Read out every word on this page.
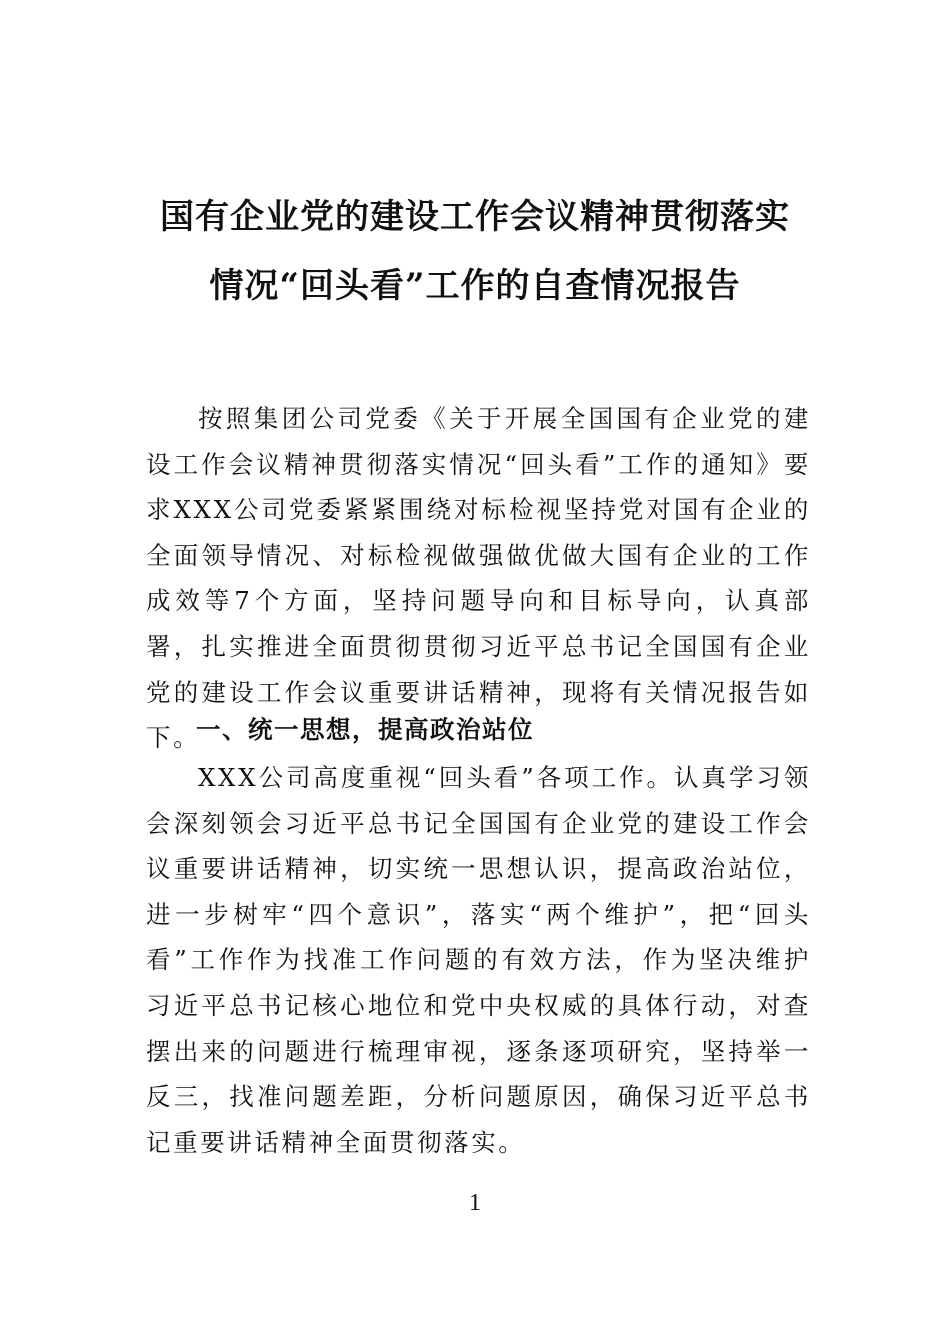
国有企业党的建设工作会议精神贯彻落实
情况“回头看”工作的自查情况报告
按照集团公司党委《关于开展全国国有企业党的建设工作会议精神贯彻落实情况“回头看”工作的通知》要求XXX公司党委紧紧围绕对标检视坚持党对国有企业的全面领导情况、对标检视做强做优做大国有企业的工作成效等7个方面，坚持问题导向和目标导向，认真部署，扎实推进全面贯彻贯彻习近平总书记全国国有企业党的建设工作会议重要讲话精神，现将有关情况报告如下。
一、统一思想，提高政治站位
XXX公司高度重视“回头看”各项工作。认真学习领会深刻领会习近平总书记全国国有企业党的建设工作会议重要讲话精神，切实统一思想认识，提高政治站位，进一步树牢“四个意识”，落实“两个维护”，把“回头看”工作作为找准工作问题的有效方法，作为坚决维护习近平总书记核心地位和党中央权威的具体行动，对查摆出来的问题进行梳理审视，逐条逐项研究，坚持举一反三，找准问题差距，分析问题原因，确保习近平总书记重要讲话精神全面贯彻落实。
1
